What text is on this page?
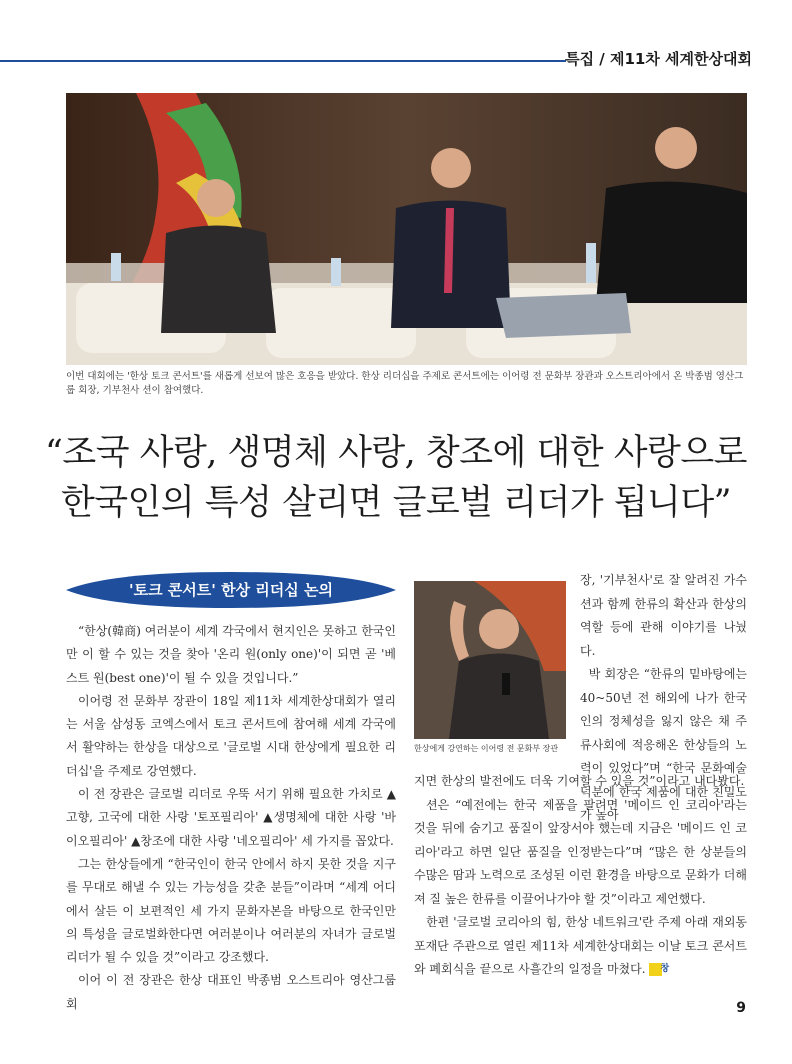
특집 / 제11차 세계한상대회
이번 대회에는 '한상 토크 콘서트'를 새롭게 선보여 많은 호응을 받았다. 한상 리더십을 주제로 콘서트에는 이어령 전 문화부 장관과 오스트리아에서 온 박종범 영산그룹 회장, 기부천사 션이 참여했다.
“조국 사랑, 생명체 사랑, 창조에 대한 사랑으로
한국인의 특성 살리면 글로벌 리더가 됩니다”
'토크 콘서트' 한상 리더십 논의

“한상(韓商) 여러분이 세계 각국에서 현지인은 못하고 한국인만 이 할 수 있는 것을 찾아 '온리 원(only one)'이 되면 곧 '베스트 원(best one)'이 될 수 있을 것입니다.”

이어령 전 문화부 장관이 18일 제11차 세계한상대회가 열리는 서울 삼성동 코엑스에서 토크 콘서트에 참여해 세계 각국에서 활약하는 한상을 대상으로 '글로벌 시대 한상에게 필요한 리더십'을 주제로 강연했다.

이 전 장관은 글로벌 리더로 우뚝 서기 위해 필요한 가치로 ▲고향, 고국에 대한 사랑 '토포필리아' ▲생명체에 대한 사랑 '바이오필리아' ▲창조에 대한 사랑 '네오필리아' 세 가지를 꼽았다.

그는 한상들에게 “한국인이 한국 안에서 하지 못한 것을 지구를 무대로 해낼 수 있는 가능성을 갖춘 분들”이라며 “세계 어디에서 살든 이 보편적인 세 가지 문화자본을 바탕으로 한국인만의 특성을 글로벌화한다면 여러분이나 여러분의 자녀가 글로벌 리더가 될 수 있을 것”이라고 강조했다.

이어 이 전 장관은 한상 대표인 박종범 오스트리아 영산그룹 회

한상에게 강연하는 이어령 전 문화부 장관

장, '기부천사'로 잘 알려진 가수 션과 함께 한류의 확산과 한상의 역할 등에 관해 이야기를 나눴다.

박 회장은 “한류의 밑바탕에는 40~50년 전 해외에 나가 한국인의 정체성을 잃지 않은 채 주류사회에 적응해온 한상들의 노력이 있었다”며 “한국 문화예술 덕분에 한국 제품에 대한 친밀도가 높아

지면 한상의 발전에도 더욱 기여할 수 있을 것”이라고 내다봤다.

션은 “예전에는 한국 제품을 팔려면 '메이드 인 코리아'라는 것을 뒤에 숨기고 품질이 앞장서야 했는데 지금은 '메이드 인 코리아'라고 하면 일단 품질을 인정받는다”며 “많은 한 상분들의 수많은 땀과 노력으로 조성된 이런 환경을 바탕으로 문화가 더해져 질 높은 한류를 이끌어나가야 할 것”이라고 제언했다.

한편 '글로벌 코리아의 힘, 한상 네트워크'란 주제 아래 재외동포재단 주관으로 열린 제11차 세계한상대회는 이날 토크 콘서트와 폐회식을 끝으로 사흘간의 일정을 마쳤다. 창

9
